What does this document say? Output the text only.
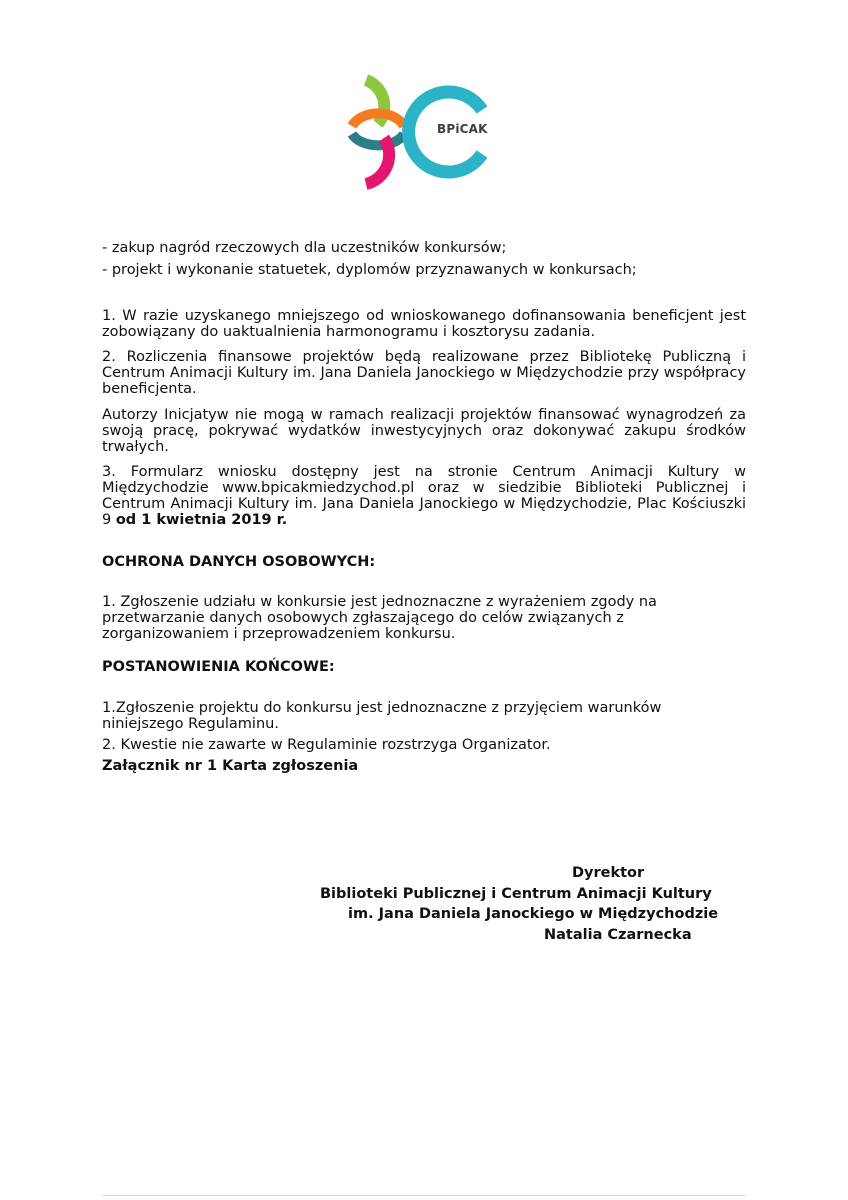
BPiCAK
- zakup nagród rzeczowych dla uczestników konkursów;
- projekt i wykonanie statuetek, dyplomów przyznawanych w konkursach;
1. W razie uzyskanego mniejszego od wnioskowanego dofinansowania beneficjent jest zobowiązany do uaktualnienia harmonogramu i kosztorysu zadania.
2. Rozliczenia finansowe projektów będą realizowane przez Bibliotekę Publiczną i Centrum Animacji Kultury im. Jana Daniela Janockiego w Międzychodzie przy współpracy beneficjenta.
Autorzy Inicjatyw nie mogą w ramach realizacji projektów finansować wynagrodzeń za swoją pracę, pokrywać wydatków inwestycyjnych oraz dokonywać zakupu środków trwałych.
3. Formularz wniosku dostępny jest na stronie Centrum Animacji Kultury w Międzychodzie www.bpicakmiedzychod.pl oraz w siedzibie Biblioteki Publicznej i Centrum Animacji Kultury im. Jana Daniela Janockiego w Międzychodzie, Plac Kościuszki 9 od 1 kwietnia 2019 r.
OCHRONA DANYCH OSOBOWYCH:
1. Zgłoszenie udziału w konkursie jest jednoznaczne z wyrażeniem zgody na przetwarzanie danych osobowych zgłaszającego do celów związanych z zorganizowaniem i przeprowadzeniem konkursu.
POSTANOWIENIA KOŃCOWE:
1.Zgłoszenie projektu do konkursu jest jednoznaczne z przyjęciem warunków niniejszego Regulaminu.
2. Kwestie nie zawarte w Regulaminie rozstrzyga Organizator.
Załącznik nr 1 Karta zgłoszenia
Dyrektor
Biblioteki Publicznej i Centrum Animacji Kultury
im. Jana Daniela Janockiego w Międzychodzie
Natalia Czarnecka
